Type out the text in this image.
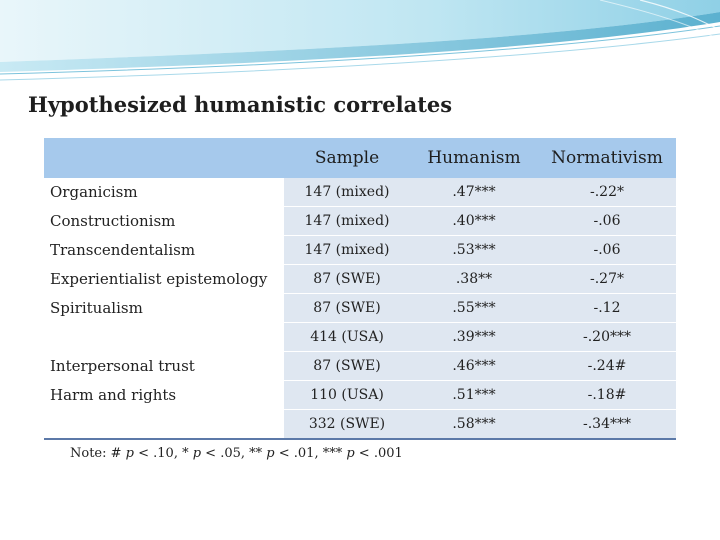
Hypothesized humanistic correlates
	Sample	Humanism	Normativism
Organicism	147 (mixed)	.47***	-.22*
Constructionism	147 (mixed)	.40***	-.06
Transcendentalism	147 (mixed)	.53***	-.06
Experientialist epistemology	87 (SWE)	.38**	-.27*
Spiritualism	87 (SWE)	.55***	-.12
	414 (USA)	.39***	-.20***
Interpersonal trust	87 (SWE)	.46***	-.24#
Harm and rights	110 (USA)	.51***	-.18#
	332 (SWE)	.58***	-.34***
Note: # p < .10, * p < .05, ** p < .01, *** p < .001
